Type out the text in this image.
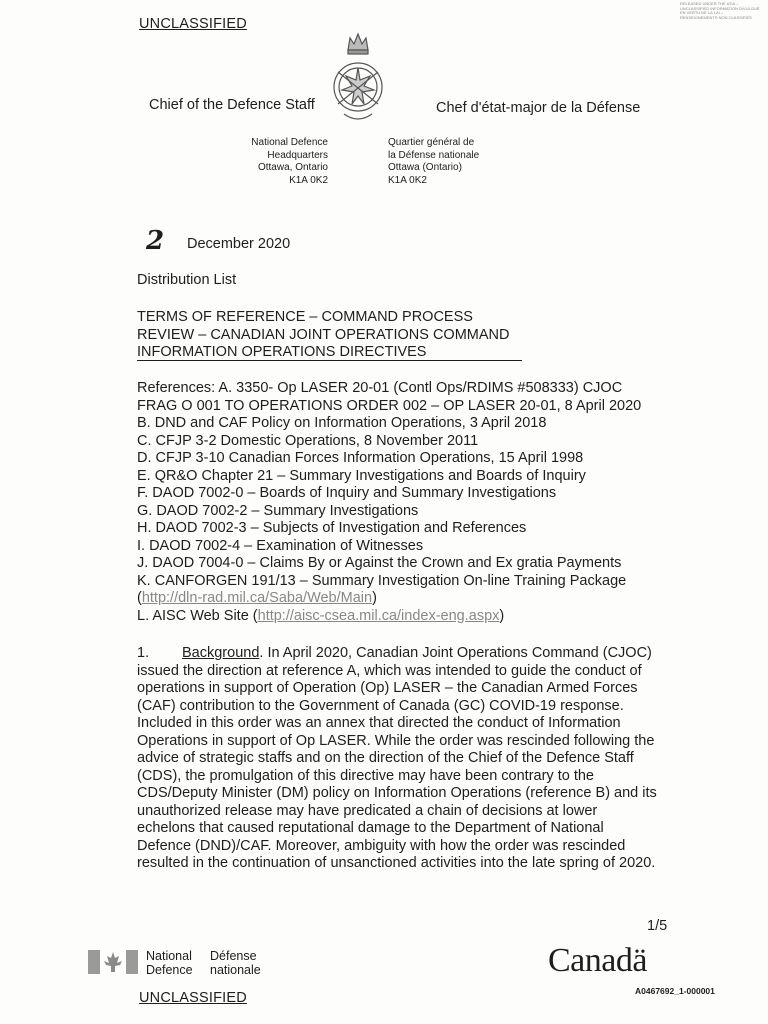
UNCLASSIFIED
RELEASED UNDER THE ATIA – UNCLASSIFIED INFORMATION DIVULGUÉ EN VERTU DE LA LAI – RENSEIGNEMENTS NON CLASSIFIÉS
Chief of the Defence Staff	Chef d'état-major de la Défense
National Defence
Headquarters
Ottawa, Ontario
K1A 0K2
Quartier général de
la Défense nationale
Ottawa (Ontario)
K1A 0K2
2 December 2020
Distribution List
TERMS OF REFERENCE – COMMAND PROCESS
REVIEW – CANADIAN JOINT OPERATIONS COMMAND
INFORMATION OPERATIONS DIRECTIVES
References: A. 3350- Op LASER 20-01 (Contl Ops/RDIMS #508333) CJOC
FRAG O 001 TO OPERATIONS ORDER 002 – OP LASER 20-01, 8 April 2020
B. DND and CAF Policy on Information Operations, 3 April 2018
C. CFJP 3-2 Domestic Operations, 8 November 2011
D. CFJP 3-10 Canadian Forces Information Operations, 15 April 1998
E. QR&O Chapter 21 – Summary Investigations and Boards of Inquiry
F. DAOD 7002-0 – Boards of Inquiry and Summary Investigations
G. DAOD 7002-2 – Summary Investigations
H. DAOD 7002-3 – Subjects of Investigation and References
I. DAOD 7002-4 – Examination of Witnesses
J. DAOD 7004-0 – Claims By or Against the Crown and Ex gratia Payments
K. CANFORGEN 191/13 – Summary Investigation On-line Training Package
(http://dln-rad.mil.ca/Saba/Web/Main)
L. AISC Web Site (http://aisc-csea.mil.ca/index-eng.aspx)
1. Background. In April 2020, Canadian Joint Operations Command (CJOC)
issued the direction at reference A, which was intended to guide the conduct of
operations in support of Operation (Op) LASER – the Canadian Armed Forces
(CAF) contribution to the Government of Canada (GC) COVID-19 response.
Included in this order was an annex that directed the conduct of Information
Operations in support of Op LASER. While the order was rescinded following the
advice of strategic staffs and on the direction of the Chief of the Defence Staff
(CDS), the promulgation of this directive may have been contrary to the
CDS/Deputy Minister (DM) policy on Information Operations (reference B) and its
unauthorized release may have predicated a chain of decisions at lower
echelons that caused reputational damage to the Department of National
Defence (DND)/CAF. Moreover, ambiguity with how the order was rescinded
resulted in the continuation of unsanctioned activities into the late spring of 2020.
1/5
National
Defence
Défense
nationale	Canadä
A0467692_1-000001
UNCLASSIFIED
